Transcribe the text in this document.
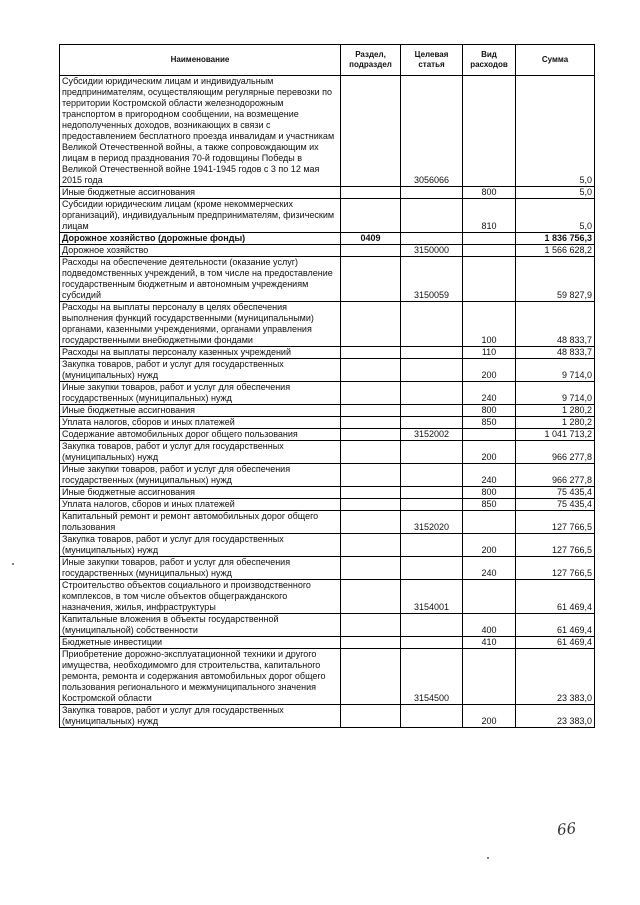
Наименование	Раздел, подраздел	Целевая статья	Вид расходов	Сумма
Субсидии юридическим лицам и индивидуальным предпринимателям, осуществляющим регулярные перевозки по территории Костромской области железнодорожным транспортом в пригородном сообщении, на возмещение недополученных доходов, возникающих в связи с предоставлением бесплатного проезда инвалидам и участникам Великой Отечественной войны, а также сопровождающим их лицам в период празднования 70-й годовщины Победы в Великой Отечественной войне 1941-1945 годов с 3 по 12 мая 2015 года		3056066		5,0
Иные бюджетные ассигнования			800	5,0
Субсидии юридическим лицам (кроме некоммерческих организаций), индивидуальным предпринимателям, физическим лицам			810	5,0
Дорожное хозяйство (дорожные фонды)	0409			1 836 756,3
Дорожное хозяйство		3150000		1 566 628,2
Расходы на обеспечение деятельности (оказание услуг) подведомственных учреждений, в том числе на предоставление государственным бюджетным и автономным учреждениям субсидий		3150059		59 827,9
Расходы на выплаты персоналу в целях обеспечения выполнения функций государственными (муниципальными) органами, казенными учреждениями, органами управления государственными внебюджетными фондами			100	48 833,7
Расходы на выплаты персоналу казенных учреждений			110	48 833,7
Закупка товаров, работ и услуг для государственных (муниципальных) нужд			200	9 714,0
Иные закупки товаров, работ и услуг для обеспечения государственных (муниципальных) нужд			240	9 714,0
Иные бюджетные ассигнования			800	1 280,2
Уплата налогов, сборов и иных платежей			850	1 280,2
Содержание автомобильных дорог общего пользования		3152002		1 041 713,2
Закупка товаров, работ и услуг для государственных (муниципальных) нужд			200	966 277,8
Иные закупки товаров, работ и услуг для обеспечения государственных (муниципальных) нужд			240	966 277,8
Иные бюджетные ассигнования			800	75 435,4
Уплата налогов, сборов и иных платежей			850	75 435,4
Капитальный ремонт и ремонт автомобильных дорог общего пользования		3152020		127 766,5
Закупка товаров, работ и услуг для государственных (муниципальных) нужд			200	127 766,5
Иные закупки товаров, работ и услуг для обеспечения государственных (муниципальных) нужд			240	127 766,5
Строительство объектов социального и производственного комплексов, в том числе объектов общегражданского назначения, жилья, инфраструктуры		3154001		61 469,4
Капитальные вложения в объекты государственной (муниципальной) собственности			400	61 469,4
Бюджетные инвестиции			410	61 469,4
Приобретение дорожно-эксплуатационной техники и другого имущества, необходимомго для строительства, капитального ремонта, ремонта и содержания автомобильных дорог общего пользования регионального и межмуниципального значения Костромской области		3154500		23 383,0
Закупка товаров, работ и услуг для государственных (муниципальных) нужд			200	23 383,0
66
